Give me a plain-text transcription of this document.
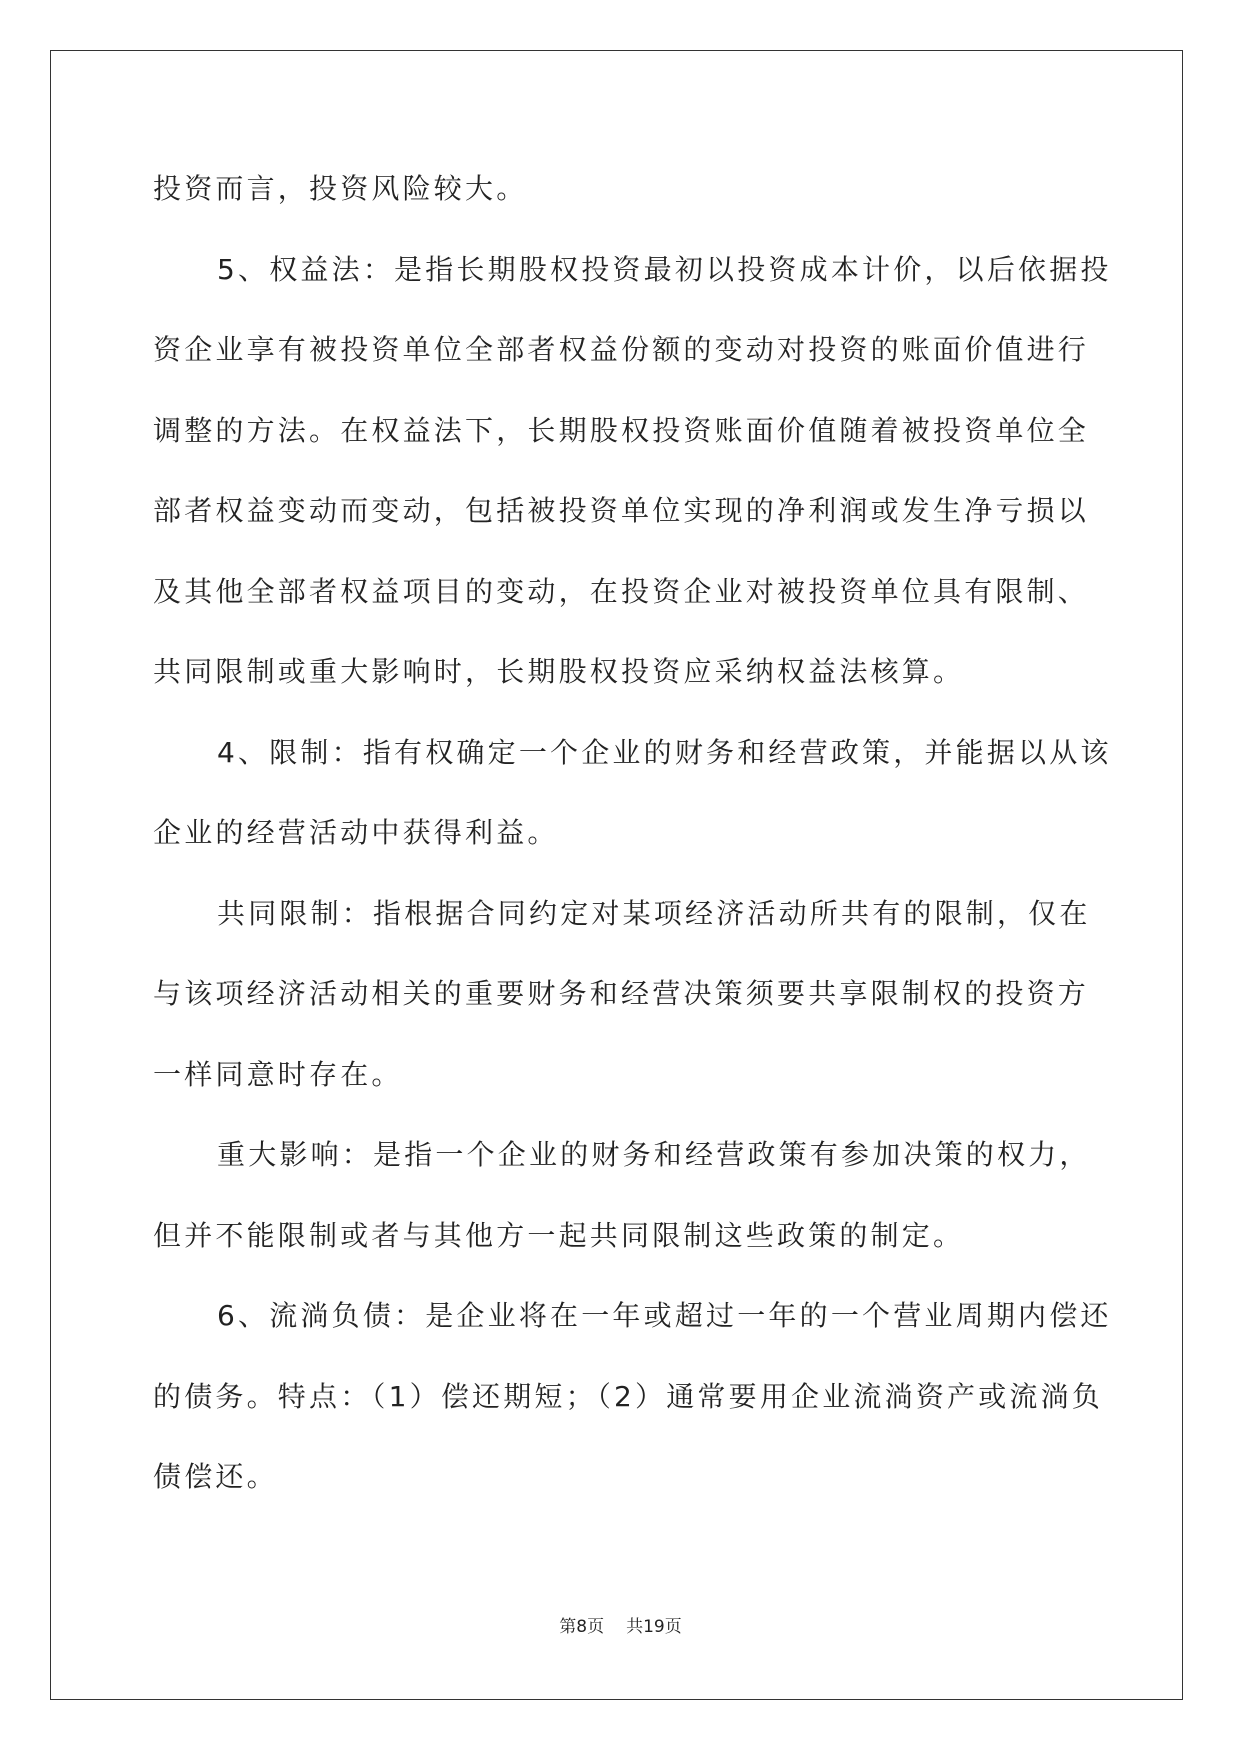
投资而言，投资风险较大。
5、权益法：是指长期股权投资最初以投资成本计价，以后依据投
资企业享有被投资单位全部者权益份额的变动对投资的账面价值进行
调整的方法。在权益法下，长期股权投资账面价值随着被投资单位全
部者权益变动而变动，包括被投资单位实现的净利润或发生净亏损以
及其他全部者权益项目的变动，在投资企业对被投资单位具有限制、
共同限制或重大影响时，长期股权投资应采纳权益法核算。
4、限制：指有权确定一个企业的财务和经营政策，并能据以从该
企业的经营活动中获得利益。
共同限制：指根据合同约定对某项经济活动所共有的限制，仅在
与该项经济活动相关的重要财务和经营决策须要共享限制权的投资方
一样同意时存在。
重大影响：是指一个企业的财务和经营政策有参加决策的权力，
但并不能限制或者与其他方一起共同限制这些政策的制定。
6、流淌负债：是企业将在一年或超过一年的一个营业周期内偿还
的债务。特点：（1）偿还期短；（2）通常要用企业流淌资产或流淌负
债偿还。
第8页 共19页
